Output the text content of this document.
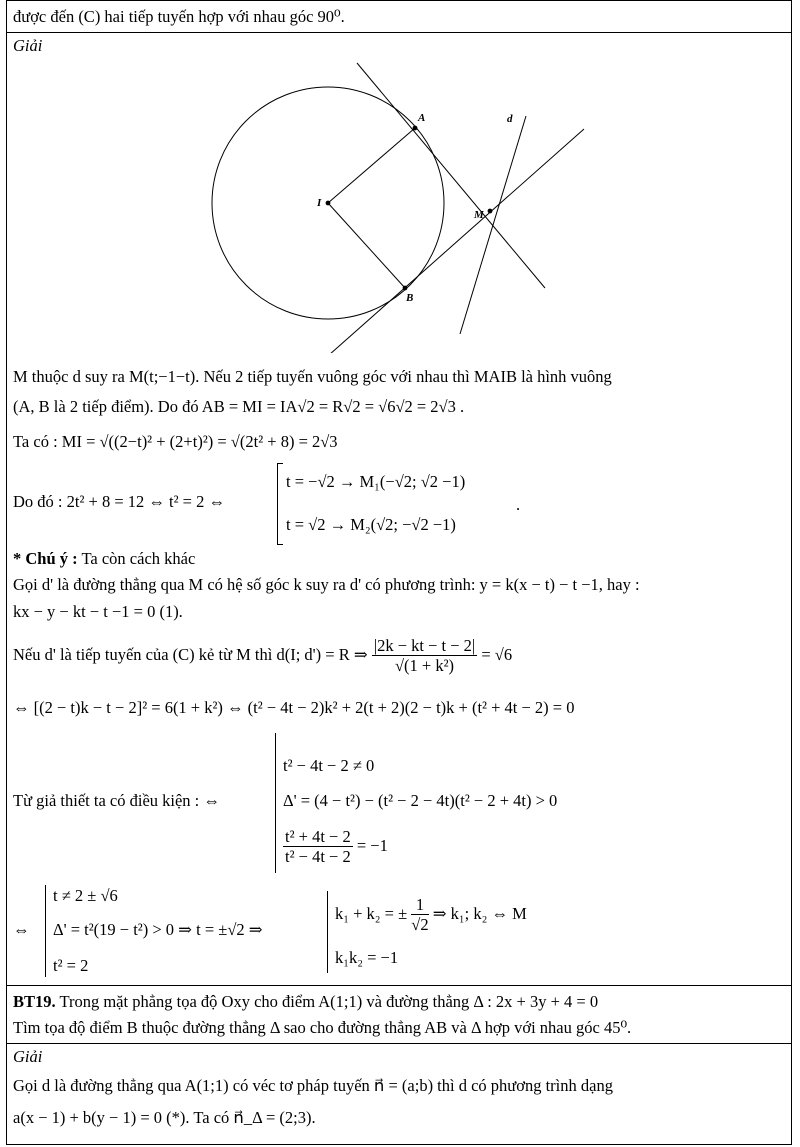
được đến (C) hai tiếp tuyến hợp với nhau góc 90⁰.
Giải
A
B
I
M
d
M thuộc d suy ra M(t;−1−t). Nếu 2 tiếp tuyến vuông góc với nhau thì MAIB là hình vuông
(A, B là 2 tiếp điểm). Do đó AB = MI = IA√2 = R√2 = √6√2 = 2√3 .
Ta có : MI = √((2−t)² + (2+t)²) = √(2t² + 8) = 2√3
Do đó : 2t² + 8 = 12 ⇔ t² = 2 ⇔
t = −√2 → M₁(−√2; √2 −1)
t = √2 → M₂(√2; −√2 −1)
.
* Chú ý : Ta còn cách khác
Gọi d' là đường thẳng qua M có hệ số góc k suy ra d' có phương trình: y = k(x − t) − t −1, hay :
kx − y − kt − t −1 = 0 (1).
Nếu d' là tiếp tuyến của (C) kẻ từ M thì d(I; d') = R ⇒ $\frac{|2k - kt - t - 2|}{\text{√(1 + k²)}} = √6$
⇔ [(2 − t)k − t − 2]² = 6(1 + k²) ⇔ (t² − 4t − 2)k² + 2(t + 2)(2 − t)k + (t² + 4t − 2) = 0
Từ giả thiết ta có điều kiện : ⇔
t² − 4t − 2 ≠ 0
Δ' = (4 − t²) − (t² − 2 − 4t)(t² − 2 + 4t) > 0
$\frac{\text{t² + 4t − 2}}{\text{t² − 4t − 2}} = -1$
⇔
t ≠ 2 ± √6
Δ' = t²(19 − t²) > 0 ⇒ t = ±√2 ⇒
t² = 2
k₁ + k₂ = ± $\frac{1}{√2}$ ⇒ k₁; k₂ ⇔ M
k₁k₂ = −1
BT19. Trong mặt phẳng tọa độ Oxy cho điểm A(1;1) và đường thẳng Δ : 2x + 3y + 4 = 0
Tìm tọa độ điểm B thuộc đường thẳng Δ sao cho đường thẳng AB và Δ hợp với nhau góc 45⁰.
Giải
Gọi d là đường thẳng qua A(1;1) có véc tơ pháp tuyến n⃗ = (a;b) thì d có phương trình dạng
a(x − 1) + b(y − 1) = 0 (*). Ta có n⃗_Δ = (2;3).
